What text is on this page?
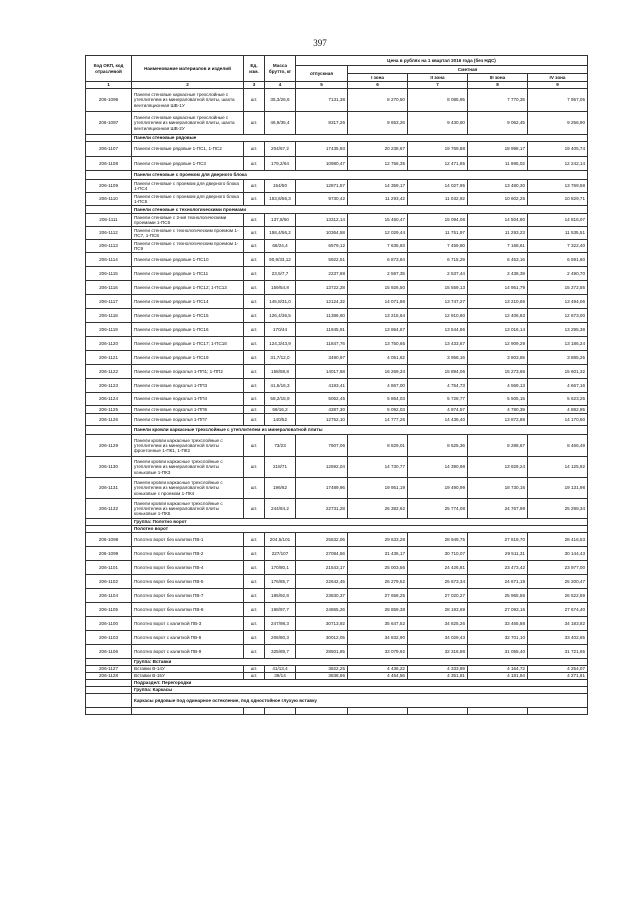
397
Код ОКП, код отраслевой	Наименование материалов и изделий	Ед. изм.	Масса брутто, кг	Цена в рублях на 1 квартал 2016 года (без НДС)				
				отпускная	Сметная			
					I зона	II зона	III зона	IV зона
1	2	3	4	5	6	7	8	9
206-1096	Панели стеновые каркасные трехслойные с утеплителем из минераловатной плиты, шахта вентиляционная ШВ-1У	шт.	35,3/26,6	7131,38	8 270,50	8 085,95	7 770,35	7 957,05
206-1097	Панели стеновые каркасные трехслойные с утеплителем из минераловатной плиты, шахта вентиляционная ШВ-2У	шт.	46,9/35,4	8317,26	9 653,26	9 430,60	9 062,45	9 256,90
	Панели стеновые рядовые							
206-1107	Панели стеновые рядовые 1-ПС1, 1-ПС2	шт.	204/67,2	17435,93	20 238,67	19 769,88	18 998,17	19 405,74
206-1108	Панели стеновые рядовые 1-ПС3	шт.	179,2/64	10980,47	12 756,35	12 471,85	11 985,02	12 242,14
	Панели стеновые с проемом для дверного блока							
206-1109	Панели стеновые с проемом для дверного блока 1-ПС4	шт.	154/50	12871,57	14 359,17	14 027,95	13 480,30	13 769,58
206-1110	Панели стеновые с проемом для дверного блока 1-ПС5	шт.	153,6/56,3	9730,42	11 293,42	11 032,92	10 602,25	10 829,71
	Панели стеновые с технологическими проемами							
206-1111	Панели стеновые с 2-мя технологическими проемами 1-ПС6	шт.	137,8/50	13312,14	15 450,47	15 094,08	14 504,80	14 816,07
206-1112	Панели стеновые с технологическим проемом 1-ПС7, 1-ПС8	шт.	158,4/56,2	10364,58	12 029,44	11 751,97	11 293,23	11 535,51
206-1113	Панели стеновые с технологическим проемом 1-ПС9	шт.	68/24,4	6579,12	7 635,93	7 459,80	7 168,61	7 322,40
206-1114	Панели стеновые рядовые 1-ПС10	шт.	90,9/33,12	5922,51	6 873,84	6 715,29	6 453,16	6 591,60
206-1115	Панели стеновые рядовые 1-ПС11	шт.	23,5/7,7	2237,88	2 597,35	2 537,44	2 438,39	2 490,70
206-1116	Панели стеновые рядовые 1-ПС12; 1-ПС13	шт.	159/54,8	13722,28	15 926,50	15 559,13	14 951,79	15 272,55
206-1117	Панели стеновые рядовые 1-ПС14	шт.	145,8/31,0	12124,32	14 071,86	13 747,27	13 210,65	13 494,06
206-1118	Панели стеновые рядовые 1-ПС15	шт.	126,4/36,5	11386,60	13 215,64	12 910,80	12 406,83	12 673,00
206-1119	Панели стеновые рядовые 1-ПС16	шт.	170/44	11945,91	13 864,67	13 544,86	13 016,14	13 295,38
206-1120	Панели стеновые рядовые 1-ПС17; 1-ПС18	шт.	124,3/43,9	11847,76	13 750,65	13 433,67	12 909,29	13 186,24
206-1121	Панели стеновые рядовые 1-ПС19	шт.	31,7/12,0	3490,97	4 051,62	3 958,16	3 803,65	3 885,25
206-1122	Панели стеновые подколья 1-ПП1; 1-ПП2	шт.	158/58,8	14017,68	16 269,34	15 894,06	15 273,65	15 601,32
206-1123	Панели стеновые подколья 1-ПП3	шт.	41,6/16,3	4193,41	4 867,00	4 754,73	4 569,13	4 667,16
206-1124	Панели стеновые подколья 1-ПП4	шт.	58,2/15,9	5052,45	5 864,03	5 728,77	5 505,15	5 623,25
206-1125	Панели стеновые подколья 1-ПП6	шт.	59/16,2	4387,30	5 092,03	4 974,57	4 780,39	4 882,95
206-1126	Панели стеновые подколья 1-ПП7	шт.	140/52	12752,10	14 777,26	14 436,40	13 872,88	14 170,50
	Панели кровли каркасные трехслойные с утеплителем из минераловатной плиты							
206-1129	Панели кровли каркасные трехслойные с утеплителем из минераловатной плиты фронтонные 1-ПК1, 1-ПК2	шт.	73/23	7607,06	8 829,01	8 625,36	8 288,67	8 466,49
206-1130	Панели кровли каркасные трехслойные с утеплителем из минераловатной плиты коньковые 1-ПК3	шт.	218/71	12692,04	14 730,77	14 390,98	13 829,24	14 125,92
206-1131	Панели кровли каркасные трехслойные с утеплителем из минераловатной плиты коньковые с проемом 1-ПК4	шт.	196/62	17489,96	19 951,19	19 490,99	18 730,16	19 131,98
206-1132	Панели кровли каркасные трехслойные с утеплителем из минераловатной плиты коньковые 1-ПК5	шт.	244/84,2	22731,28	26 382,62	25 774,08	24 767,98	25 299,34
	Группа: Полотно ворот							
	Полотно ворот							
206-1098	Полотно ворот без калитки ПВ-1	шт.	204,5/101	25532,06	29 633,28	28 949,75	27 819,70	28 416,53
206-1099	Полотно ворот без калитки ПВ-2	шт.	227/107	27084,56	31 435,17	30 710,07	29 511,31	30 144,43
206-1101	Полотно ворот без калитки ПВ-4	шт.	170/80,1	21543,17	25 003,56	24 426,81	23 473,42	23 977,00
206-1102	Полотно ворот без калитки ПВ-5	шт.	176/85,7	22642,45	26 279,52	25 673,34	24 671,19	25 200,47
206-1104	Полотно ворот без калитки ПВ-7	шт.	185/92,8	23830,37	27 658,25	27 020,27	25 965,55	26 522,59
206-1105	Полотно ворот без калитки ПВ-8	шт.	198/97,7	24865,26	28 859,38	28 193,69	27 093,16	27 674,40
206-1100	Полотно ворот с калиткой ПВ-3	шт.	247/98,3	30713,92	35 647,52	34 825,26	33 465,88	34 183,82
206-1103	Полотно ворот с калиткой ПВ-6	шт.	206/80,3	30012,05	34 832,90	34 029,43	32 701,10	33 402,65
206-1106	Полотно ворот с калиткой ПВ-9	шт.	325/89,7	28501,85	33 079,92	32 316,88	31 055,40	31 721,65
	Группа: Вставки							
206-1127	Вставки В-14У	шт.	41/13,4	3822,25	4 436,22	4 333,89	4 164,72	4 254,07
206-1128	Вставки В-15У	шт.	39/14	3838,66	4 454,56	4 351,81	4 181,94	4 271,61
	Подраздел: Перегородки							
	Группа: Каркасы							
	Каркасы рядовые под одинарное остекление, под одностойное глухую вставку							
